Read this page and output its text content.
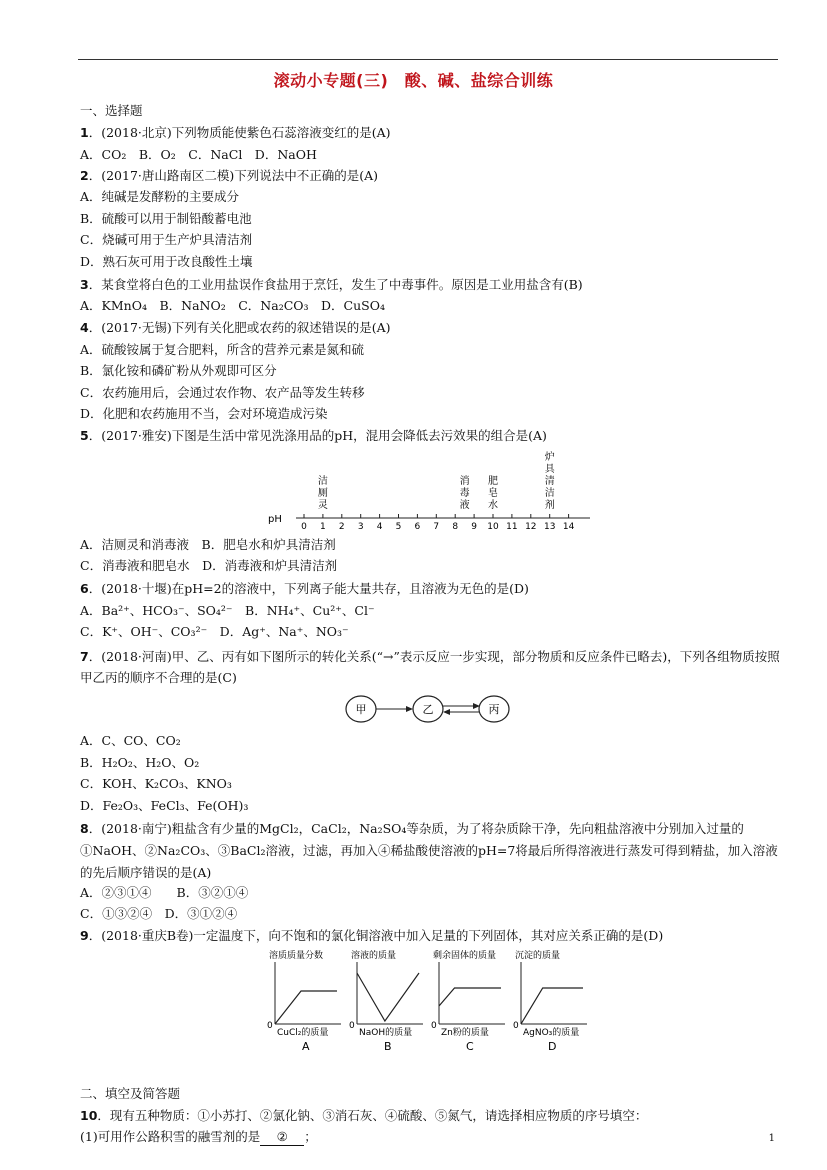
滚动小专题(三)　酸、碱、盐综合训练
一、选择题
1．(2018·北京)下列物质能使紫色石蕊溶液变红的是(A)
A．CO₂　B．O₂　C．NaCl　D．NaOH
2．(2017·唐山路南区二模)下列说法中不正确的是(A)
A．纯碱是发酵粉的主要成分
B．硫酸可以用于制铅酸蓄电池
C．烧碱可用于生产炉具清洁剂
D．熟石灰可用于改良酸性土壤
3．某食堂将白色的工业用盐误作食盐用于烹饪，发生了中毒事件。原因是工业用盐含有(B)
A．KMnO₄　B．NaNO₂　C．Na₂CO₃　D．CuSO₄
4．(2017·无锡)下列有关化肥或农药的叙述错误的是(A)
A．硫酸铵属于复合肥料，所含的营养元素是氮和硫
B．氯化铵和磷矿粉从外观即可区分
C．农药施用后，会通过农作物、农产品等发生转移
D．化肥和农药施用不当，会对环境造成污染
5．(2017·雅安)下图是生活中常见洗涤用品的pH，混用会降低去污效果的组合是(A)
pH
0 1 2 3 4 5 6 7 8 9 10 11 12 13 14
洁
厕
灵
消
毒
液
肥
皂
水
炉
具
清
洁
剂
A．洁厕灵和消毒液　B．肥皂水和炉具清洁剂
C．消毒液和肥皂水　D．消毒液和炉具清洁剂
6．(2018·十堰)在pH=2的溶液中，下列离子能大量共存，且溶液为无色的是(D)
A．Ba²⁺、HCO₃⁻、SO₄²⁻　B．NH₄⁺、Cu²⁺、Cl⁻
C．K⁺、OH⁻、CO₃²⁻　D．Ag⁺、Na⁺、NO₃⁻
7．(2018·河南)甲、乙、丙有如下图所示的转化关系(“→”表示反应一步实现，部分物质和反应条件已略去)，下列各组物质按照甲乙丙的顺序不合理的是(C)
甲	乙	丙
A．C、CO、CO₂
B．H₂O₂、H₂O、O₂
C．KOH、K₂CO₃、KNO₃
D．Fe₂O₃、FeCl₃、Fe(OH)₃
8．(2018·南宁)粗盐含有少量的MgCl₂，CaCl₂，Na₂SO₄等杂质，为了将杂质除干净，先向粗盐溶液中分别加入过量的①NaOH、②Na₂CO₃、③BaCl₂溶液，过滤，再加入④稀盐酸使溶液的pH=7将最后所得溶液进行蒸发可得到精盐，加入溶液的先后顺序错误的是(A)
A．②③①④　　B．③②①④
C．①③②④　D．③①②④
9．(2018·重庆B卷)一定温度下，向不饱和的氯化铜溶液中加入足量的下列固体，其对应关系正确的是(D)
溶质质量分数
0
CuCl₂的质量
A
溶液的质量
0
NaOH的质量
B
剩余固体的质量
0
Zn粉的质量
C
沉淀的质量
0
AgNO₃的质量
D
二、填空及简答题
10．现有五种物质：①小苏打、②氯化钠、③消石灰、④硫酸、⑤氮气，请选择相应物质的序号填空：
(1)可用作公路积雪的融雪剂的是 ② ；	1
